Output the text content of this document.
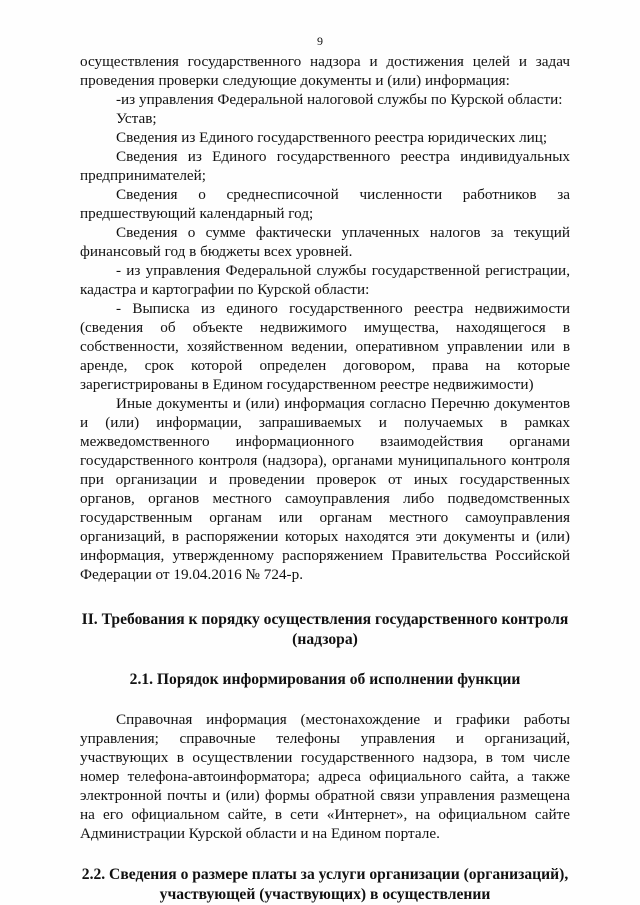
9

осуществления государственного надзора и достижения целей и задач проведения проверки следующие документы и (или) информация:

-из управления Федеральной налоговой службы по Курской области:

Устав;

Сведения из Единого государственного реестра юридических лиц;

Сведения из Единого государственного реестра индивидуальных предпринимателей;

Сведения о среднесписочной численности работников за предшествующий календарный год;

Сведения о сумме фактически уплаченных налогов за текущий финансовый год в бюджеты всех уровней.

- из управления Федеральной службы государственной регистрации, кадастра и картографии по Курской области:

- Выписка из единого государственного реестра недвижимости (сведения об объекте недвижимого имущества, находящегося в собственности, хозяйственном ведении, оперативном управлении или в аренде, срок которой определен договором, права на которые зарегистрированы в Едином государственном реестре недвижимости)

Иные документы и (или) информация согласно Перечню документов и (или) информации, запрашиваемых и получаемых в рамках межведомственного информационного взаимодействия органами государственного контроля (надзора), органами муниципального контроля при организации и проведении проверок от иных государственных органов, органов местного самоуправления либо подведомственных государственным органам или органам местного самоуправления организаций, в распоряжении которых находятся эти документы и (или) информация, утвержденному распоряжением Правительства Российской Федерации от 19.04.2016 № 724-р.

II. Требования к порядку осуществления государственного контроля (надзора)

2.1. Порядок информирования об исполнении функции

Справочная информация (местонахождение и графики работы управления; справочные телефоны управления и организаций, участвующих в осуществлении государственного надзора, в том числе номер телефона-автоинформатора; адреса официального сайта, а также электронной почты и (или) формы обратной связи управления размещена на его официальном сайте, в сети «Интернет», на официальном сайте Администрации Курской области и на Едином портале.

2.2. Сведения о размере платы за услуги организации (организаций), участвующей (участвующих) в осуществлении
